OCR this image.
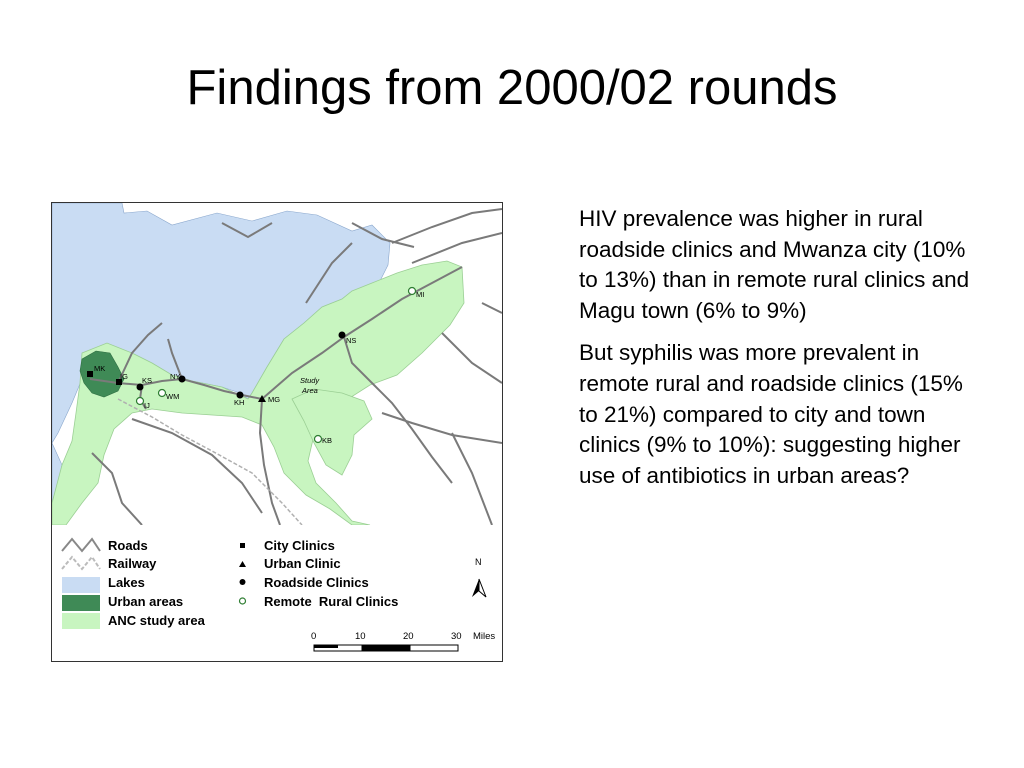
Findings from 2000/02 rounds
MK
IG KS NY
IJ
WM
KH	MG
NS
MI
KB
Study
Area
N
0	10	20	30 Miles
Roads
Railway
Lakes
Urban areas
ANC study area
City Clinics
Urban Clinic
Roadside Clinics
Remote  Rural Clinics

HIV prevalence was higher in rural roadside clinics and Mwanza city (10% to 13%) than in remote rural clinics and Magu town (6% to 9%)

But syphilis was more prevalent in remote rural and roadside clinics (15% to 21%) compared to city and town clinics (9% to 10%): suggesting higher use of antibiotics in urban areas?
